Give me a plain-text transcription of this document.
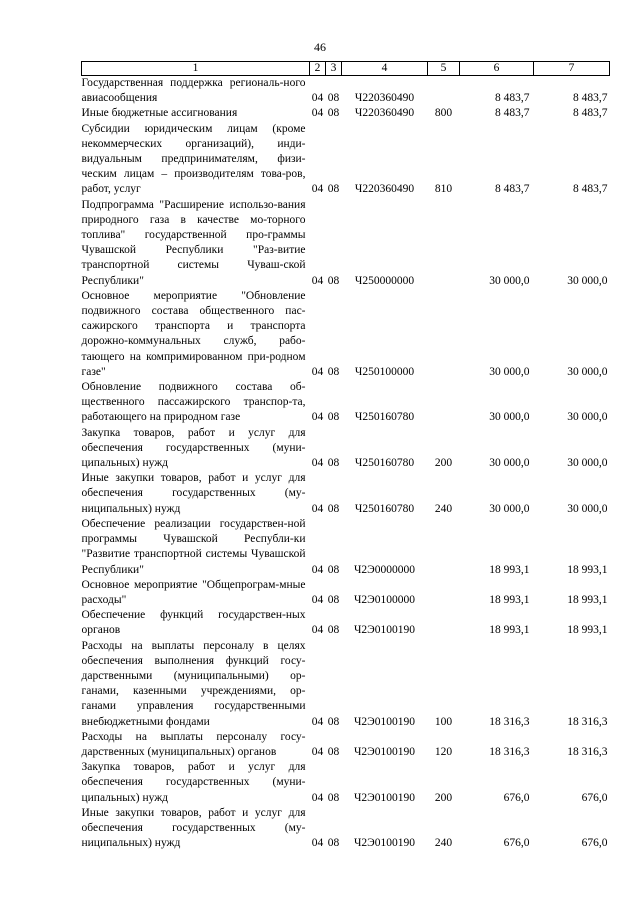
46
1	2	3	4	5	6	7
Государственная поддержка региональ-ного авиасообщения	04	08	Ч220360490		8 483,7	8 483,7
Иные бюджетные ассигнования	04	08	Ч220360490	800	8 483,7	8 483,7
Субсидии юридическим лицам (кроме некоммерческих организаций), инди-видуальным предпринимателям, физи-ческим лицам – производителям това-ров, работ, услуг	04	08	Ч220360490	810	8 483,7	8 483,7
Подпрограмма "Расширение использо-вания природного газа в качестве мо-торного топлива" государственной про-граммы Чувашской Республики "Раз-витие транспортной системы Чуваш-ской Республики"	04	08	Ч250000000		30 000,0	30 000,0
Основное мероприятие "Обновление подвижного состава общественного пас-сажирского транспорта и транспорта дорожно-коммунальных служб, рабо-тающего на компримированном при-родном газе"	04	08	Ч250100000		30 000,0	30 000,0
Обновление подвижного состава об-щественного пассажирского транспор-та, работающего на природном газе	04	08	Ч250160780		30 000,0	30 000,0
Закупка товаров, работ и услуг для обеспечения государственных (муни-ципальных) нужд	04	08	Ч250160780	200	30 000,0	30 000,0
Иные закупки товаров, работ и услуг для обеспечения государственных (му-ниципальных) нужд	04	08	Ч250160780	240	30 000,0	30 000,0
Обеспечение реализации государствен-ной программы Чувашской Республи-ки "Развитие транспортной системы Чувашской Республики"	04	08	Ч2Э0000000		18 993,1	18 993,1
Основное мероприятие "Общепрограм-мные расходы"	04	08	Ч2Э0100000		18 993,1	18 993,1
Обеспечение функций государствен-ных органов	04	08	Ч2Э0100190		18 993,1	18 993,1
Расходы на выплаты персоналу в целях обеспечения выполнения функций госу-дарственными (муниципальными) ор-ганами, казенными учреждениями, ор-ганами управления государственными внебюджетными фондами	04	08	Ч2Э0100190	100	18 316,3	18 316,3
Расходы на выплаты персоналу госу-дарственных (муниципальных) органов	04	08	Ч2Э0100190	120	18 316,3	18 316,3
Закупка товаров, работ и услуг для обеспечения государственных (муни-ципальных) нужд	04	08	Ч2Э0100190	200	676,0	676,0
Иные закупки товаров, работ и услуг для обеспечения государственных (му-ниципальных) нужд	04	08	Ч2Э0100190	240	676,0	676,0
